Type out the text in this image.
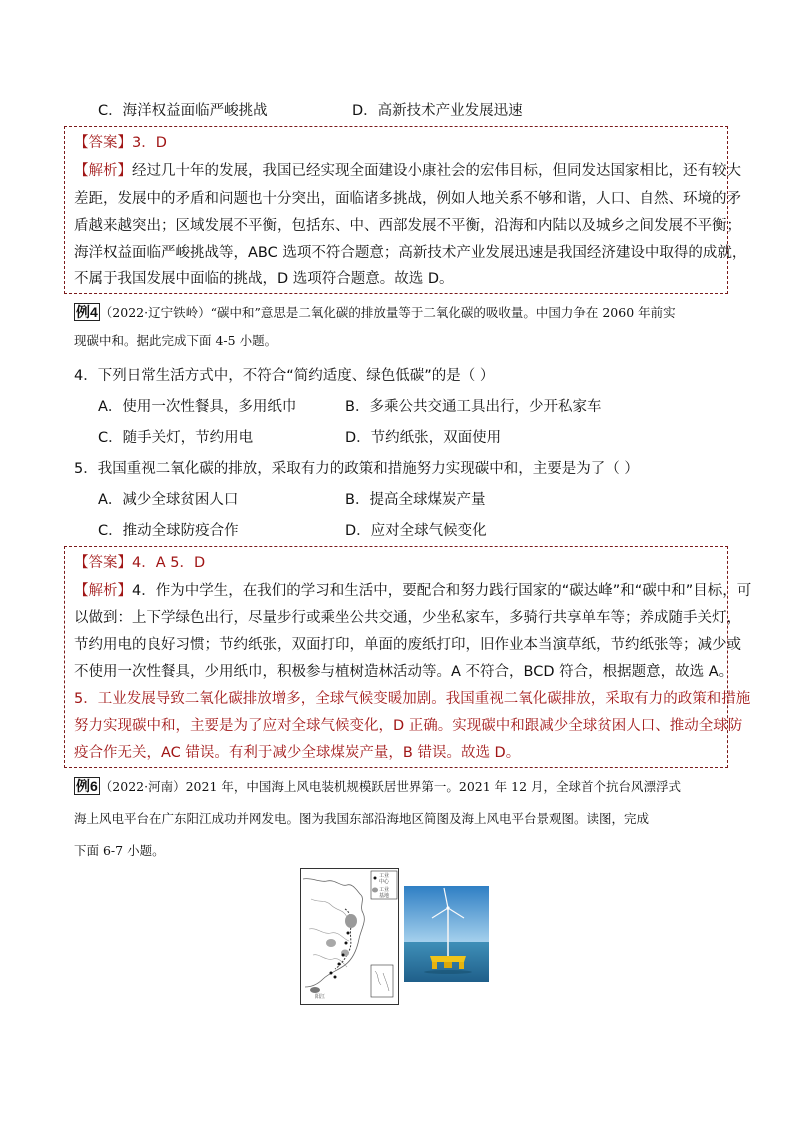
C．海洋权益面临严峻挑战	D．高新技术产业发展迅速
【答案】3．D
【解析】经过几十年的发展，我国已经实现全面建设小康社会的宏伟目标，但同发达国家相比，还有较大
差距，发展中的矛盾和问题也十分突出，面临诸多挑战，例如人地关系不够和谐，人口、自然、环境的矛
盾越来越突出；区域发展不平衡，包括东、中、西部发展不平衡，沿海和内陆以及城乡之间发展不平衡；
海洋权益面临严峻挑战等，ABC 选项不符合题意；高新技术产业发展迅速是我国经济建设中取得的成就，
不属于我国发展中面临的挑战，D 选项符合题意。故选 D。
例4 （2022·辽宁铁岭）“碳中和”意思是二氧化碳的排放量等于二氧化碳的吸收量。中国力争在 2060 年前实
现碳中和。据此完成下面 4-5 小题。
4．下列日常生活方式中，不符合“简约适度、绿色低碳”的是（ ）
A．使用一次性餐具，多用纸巾	B．多乘公共交通工具出行，少开私家车
C．随手关灯，节约用电	D．节约纸张，双面使用
5．我国重视二氧化碳的排放，采取有力的政策和措施努力实现碳中和，主要是为了（ ）
A．减少全球贫困人口	B．提高全球煤炭产量
C．推动全球防疫合作	D．应对全球气候变化
【答案】4．A 5．D
【解析】4．作为中学生，在我们的学习和生活中，要配合和努力践行国家的“碳达峰”和“碳中和”目标，可
以做到：上下学绿色出行，尽量步行或乘坐公共交通，少坐私家车，多骑行共享单车等；养成随手关灯，
节约用电的良好习惯；节约纸张，双面打印，单面的废纸打印，旧作业本当演草纸，节约纸张等；减少或
不使用一次性餐具，少用纸巾，积极参与植树造林活动等。A 不符合，BCD 符合，根据题意，故选 A。
5．工业发展导致二氧化碳排放增多，全球气候变暖加剧。我国重视二氧化碳排放，采取有力的政策和措施
努力实现碳中和，主要是为了应对全球气候变化，D 正确。实现碳中和跟减少全球贫困人口、推动全球防
疫合作无关，AC 错误。有利于减少全球煤炭产量，B 错误。故选 D。
例6 （2022·河南）2021 年，中国海上风电装机规模跃居世界第一。2021 年 12 月，全球首个抗台风漂浮式
海上风电平台在广东阳江成功并网发电。图为我国东部沿海地区简图及海上风电平台景观图。读图，完成
下面 6-7 小题。
工业中心
工业基地
阳江
